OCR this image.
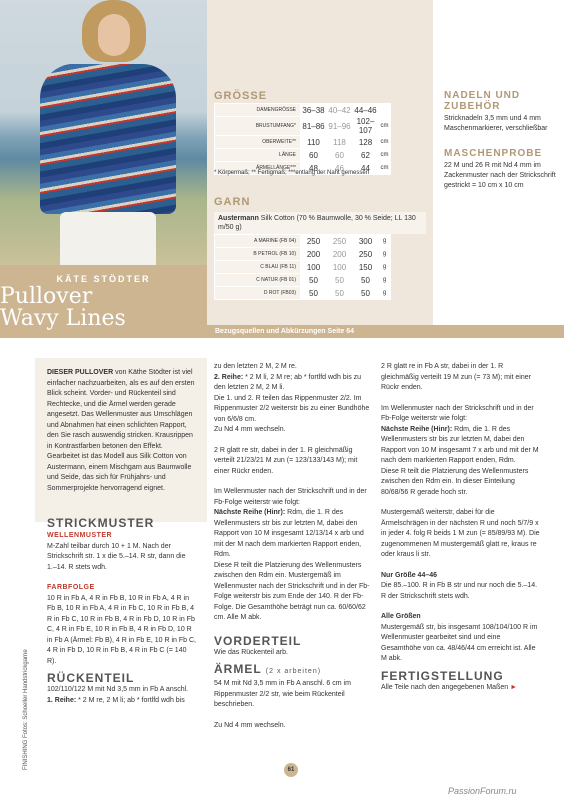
KÄTE STÖDTER
Pullover
Wavy Lines
GRÖSSE
DAMENGRÖSSE	36–38	40–42	44–46	
BRUSTUMFANG*	81–86	91–96	102–107	cm
OBERWEITE**	110	118	128	cm
LÄNGE	60	60	62	cm
ÄRMELLÄNGE***	48	46	44	cm
* Körpermaß; ** Fertigmaß; ***entlang der Naht gemessen
GARN
Austermann Silk Cotton (70 % Baumwolle, 30 % Seide; LL 130 m/50 g)
A MARINE (FB 04)	250	250	300	g
B PETROL (FB 10)	200	200	250	g
C BLAU (FB 11)	100	100	150	g
C NATUR (FB 01)	50	50	50	g
D ROT (FB03)	50	50	50	g
NADELN UND
ZUBEHÖR
Stricknadeln 3,5 mm und 4 mm Maschenmarkierer, verschließbar
MASCHENPROBE
22 M und 26 R mit Nd 4 mm im Zackenmuster nach der Strickschrift gestrickt = 10 cm x 10 cm
Bezugsquellen und Abkürzungen Seite 64

DIESER PULLOVER von Käthe Stödter ist viel einfacher nachzuarbeiten, als es auf den ersten Blick scheint. Vorder- und Rückenteil sind Rechtecke, und die Ärmel werden gerade angesetzt. Das Wellenmuster aus Umschlägen und Abnahmen hat einen schlichten Rapport, den Sie rasch auswendig stricken. Krausrippen in Kontrastfarben betonen den Effekt. Gearbeitet ist das Modell aus Silk Cotton von Austermann, einem Mischgarn aus Baumwolle und Seide, das sich für Frühjahrs- und Sommerprojekte hervorragend eignet.

STRICKMUSTER
WELLENMUSTER

M-Zahl teilbar durch 10 + 1 M. Nach der Strickschrift str. 1 x die 5.–14. R str, dann die 1.–14. R stets wdh.

FARBFOLGE

10 R in Fb A, 4 R in Fb B, 10 R in Fb A, 4 R in Fb B, 10 R in Fb A, 4 R in Fb C, 10 R in Fb B, 4 R in Fb C, 10 R in Fb B, 4 R in Fb D, 10 R in Fb C, 4 R in Fb E, 10 R in Fb B, 4 R in Fb D, 10 R in Fb A (Ärmel: Fb B), 4 R in Fb E, 10 R in Fb C, 4 R in Fb D, 10 R in Fb B, 4 R in Fb C (= 140 R).

RÜCKENTEIL
102/110/122 M mit Nd 3,5 mm in Fb A anschl.
1. Reihe: * 2 M re, 2 M li; ab * fortlfd wdh bis
zu den letzten 2 M, 2 M re.
2. Reihe: * 2 M li, 2 M re; ab * fortlfd wdh bis zu den letzten 2 M, 2 M li.

Die 1. und 2. R teilen das Rippenmuster 2/2. Im Rippenmuster 2/2 weiterstr bis zu einer Bundhöhe von 6/6/8 cm.

Zu Nd 4 mm wechseln.

2 R glatt re str, dabei in der 1. R gleichmäßig verteilt 21/23/21 M zun (= 123/133/143 M); mit einer Rückr enden.

Im Wellenmuster nach der Strickschrift und in der Fb-Folge weiterstr wie folgt:
Nächste Reihe (Hinr): Rdm, die 1. R des Wellenmusters str bis zur letzten M, dabei den Rapport von 10 M insgesamt 12/13/14 x arb und mit der M nach dem markierten Rapport enden, Rdm.

Diese R teilt die Platzierung des Wellenmusters zwischen den Rdm ein. Mustergemäß im Wellenmuster nach der Strickschrift und in der Fb-Folge weiterstr bis zum Ende der 140. R der Fb-Folge. Die Gesamthöhe beträgt nun ca. 60/60/62 cm. Alle M abk.

VORDERTEIL

Wie das Rückenteil arb.

ÄRMEL (2 x arbeiten)

54 M mit Nd 3,5 mm in Fb A anschl. 6 cm im Rippenmuster 2/2 str, wie beim Rückenteil beschrieben.

Zu Nd 4 mm wechseln.

2 R glatt re in Fb A str, dabei in der 1. R gleichmäßig verteilt 19 M zun (= 73 M); mit einer Rückr enden.

Im Wellenmuster nach der Strickschrift und in der Fb-Folge weiterstr wie folgt:
Nächste Reihe (Hinr): Rdm, die 1. R des Wellenmusters str bis zur letzten M, dabei den Rapport von 10 M insgesamt 7 x arb und mit der M nach dem markierten Rapport enden, Rdm.

Diese R teilt die Platzierung des Wellenmusters zwischen den Rdm ein. In dieser Einteilung 80/68/56 R gerade hoch str.

Mustergemäß weiterstr, dabei für die Ärmelschrägen in der nächsten R und noch 5/7/9 x in jeder 4. folg R beids 1 M zun (= 85/89/93 M). Die zugenommenen M mustergemäß glatt re, kraus re oder kraus li str.

Nur Größe 44–46

Die 85.–100. R in Fb B str und nur noch die 5.–14. R der Strickschrift stets wdh.

Alle Größen

Mustergemäß str, bis insgesamt 108/104/100 R im Wellenmuster gearbeitet sind und eine Gesamthöhe von ca. 48/46/44 cm erreicht ist. Alle M abk.

FERTIGSTELLUNG
Alle Teile nach den angegebenen Maßen ►
FINISHING Fotos: Schoeller Handstrickgarne
61
PassionForum.ru
